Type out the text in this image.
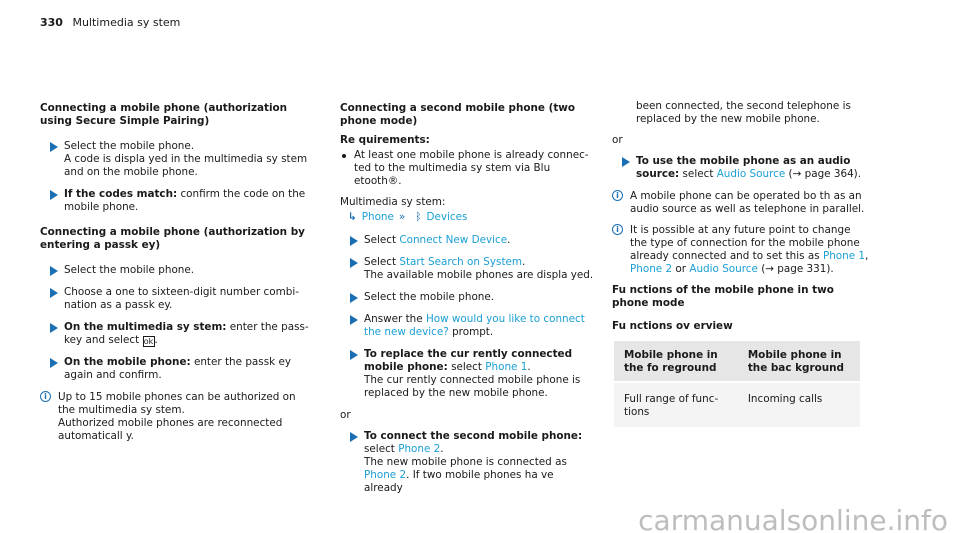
330 Multimedia sy stem
Connecting a mobile phone (authorization using Secure Simple Pairing)
Select the mobile phone.
A code is displa yed in the multimedia sy stem and on the mobile phone.
If the codes match: confirm the code on the mobile phone.
Connecting a mobile phone (authorization by entering a passk ey)
Select the mobile phone.
Choose a one to sixteen-digit number combi‐ nation as a passk ey.
On the multimedia sy stem: enter the pass‐ key and select ok.
On the mobile phone: enter the passk ey again and confirm.
i	Up to 15 mobile phones can be authorized on the multimedia sy stem.
Authorized mobile phones are reconnected automaticall y.
Connecting a second mobile phone (two phone mode)
Re quirements:
At least one mobile phone is already connec‐ ted to the multimedia sy stem via Blu etooth®.
Multimedia sy stem:
↳ Phone » ᛒ Devices
Select Connect New Device.
Select Start Search on System.
The available mobile phones are displa yed.
Select the mobile phone.
Answer the How would you like to connect the new device? prompt.
To replace the cur rently connected mobile phone: select Phone 1.
The cur rently connected mobile phone is replaced by the new mobile phone.
or
To connect the second mobile phone:
select Phone 2.
The new mobile phone is connected as Phone 2. If two mobile phones ha ve already
been connected, the second telephone is replaced by the new mobile phone.
or
To use the mobile phone as an audio source: select Audio Source (→ page 364).
i	A mobile phone can be operated bo th as an audio source as well as telephone in parallel.
i	It is possible at any future point to change the type of connection for the mobile phone already connected and to set this as Phone 1, Phone 2 or Audio Source (→ page 331).
Fu nctions of the mobile phone in two phone mode
Fu nctions ov erview
Mobile phone in the fo reground	Mobile phone in the bac kground
Full range of func‐ tions	Incoming calls
carmanualsonline.info
